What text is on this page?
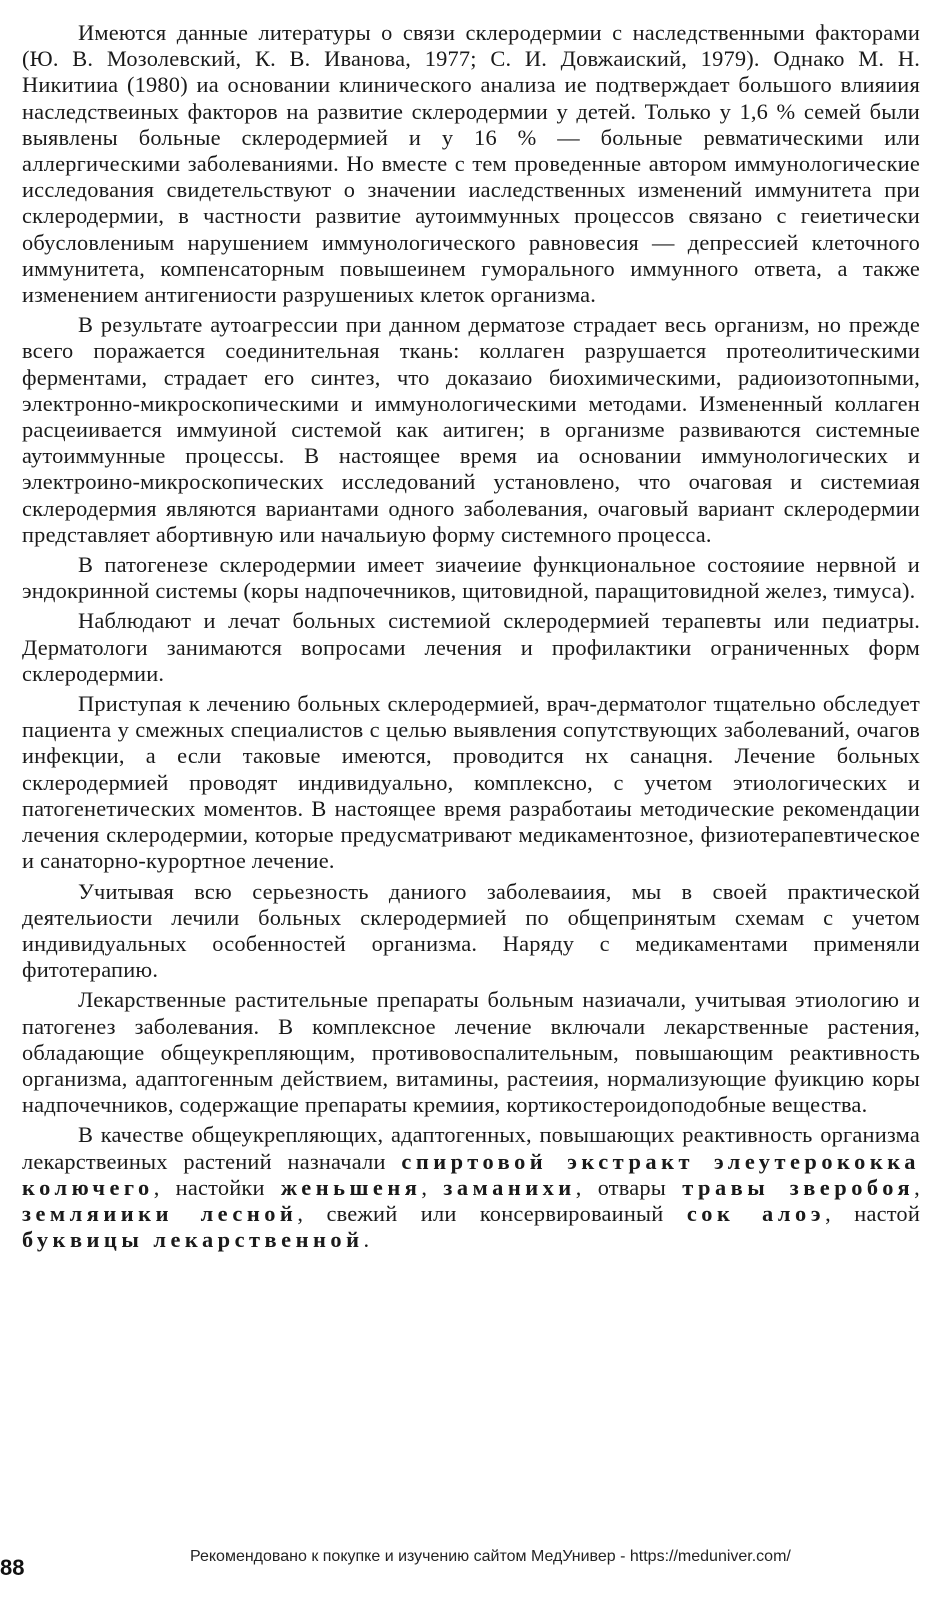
Имеются данные литературы о связи склеродермии с наследственными факторами (Ю. В. Мозолевский, К. В. Иванова, 1977; С. И. Довжаиский, 1979). Однако М. Н. Никитииа (1980) иа основании клинического анализа ие подтверждает большого влияиия наследствеиных факторов на развитие склеродермии у детей. Только у 1,6 % семей были выявлены больные склеродермией и у 16 % — больные ревматическими или аллергическими заболеваниями. Но вместе с тем проведенные автором иммунологические исследования свидетельствуют о значении иаследственных изменений иммунитета при склеродермии, в частности развитие аутоиммунных процессов связано с геиетически обусловлениым нарушением иммунологического равновесия — депрессией клеточного иммунитета, компенсаторным повышеинем гуморального иммунного ответа, а также изменением антигениости разрушениых клеток организма.

В результате аутоагрессии при данном дерматозе страдает весь организм, но прежде всего поражается соединительная ткань: коллаген разрушается протеолитическими ферментами, страдает его синтез, что доказаио биохимическими, радиоизотопными, электронно-микроскопическими и иммунологическими методами. Измененный коллаген расцеиивается иммуиной системой как аитиген; в организме развиваются системные аутоиммунные процессы. В настоящее время иа основании иммунологических и электроино-микроскопических исследований установлено, что очаговая и системиая склеродермия являются вариантами одного заболевания, очаговый вариант склеродермии представляет абортивную или начальиую форму системного процесса.

В патогенезе склеродермии имеет зиачеиие функциональное состояиие нервной и эндокринной системы (коры надпочечников, щитовидной, паращитовидной желез, тимуса).

Наблюдают и лечат больных системиой склеродермией терапевты или педиатры. Дерматологи занимаются вопросами лечения и профилактики ограниченных форм склеродермии.

Приступая к лечению больных склеродермией, врач-дерматолог тщательно обследует пациента у смежных специалистов с целью выявления сопутствующих заболеваний, очагов инфекции, а если таковые имеются, проводится нх санацня. Лечение больных склеродермией проводят индивидуально, комплексно, с учетом этиологических и патогенетических моментов. В настоящее время разработаиы методические рекомендации лечения склеродермии, которые предусматривают медикаментозное, физиотерапевтическое и санаторно-курортное лечение.

Учитывая всю серьезность даниого заболеваиия, мы в своей практической деятельиости лечили больных склеродермией по общепринятым схемам с учетом индивидуальных особенностей организма. Наряду с медикаментами применяли фитотерапию.

Лекарственные растительные препараты больным назиачали, учитывая этиологию и патогенез заболевания. В комплексное лечение включали лекарственные растения, обладающие общеукрепляющим, противовоспалительным, повышающим реактивность организма, адаптогенным действием, витамины, растеиия, нормализующие фуикцию коры надпочечников, содержащие препараты кремиия, кортикостероидоподобные вещества.

В качестве общеукрепляющих, адаптогенных, повышающих реактивность организма лекарствеиных растений назначали спиртовой экстракт элеутерококка колючего, настойки женьшеня, заманихи, отвары травы зверобоя, земляиики лесной, свежий или консервироваиный сок алоэ, настой буквицы лекарственной.

88	Рекомендовано к покупке и изучению сайтом МедУнивер - https://meduniver.com/
